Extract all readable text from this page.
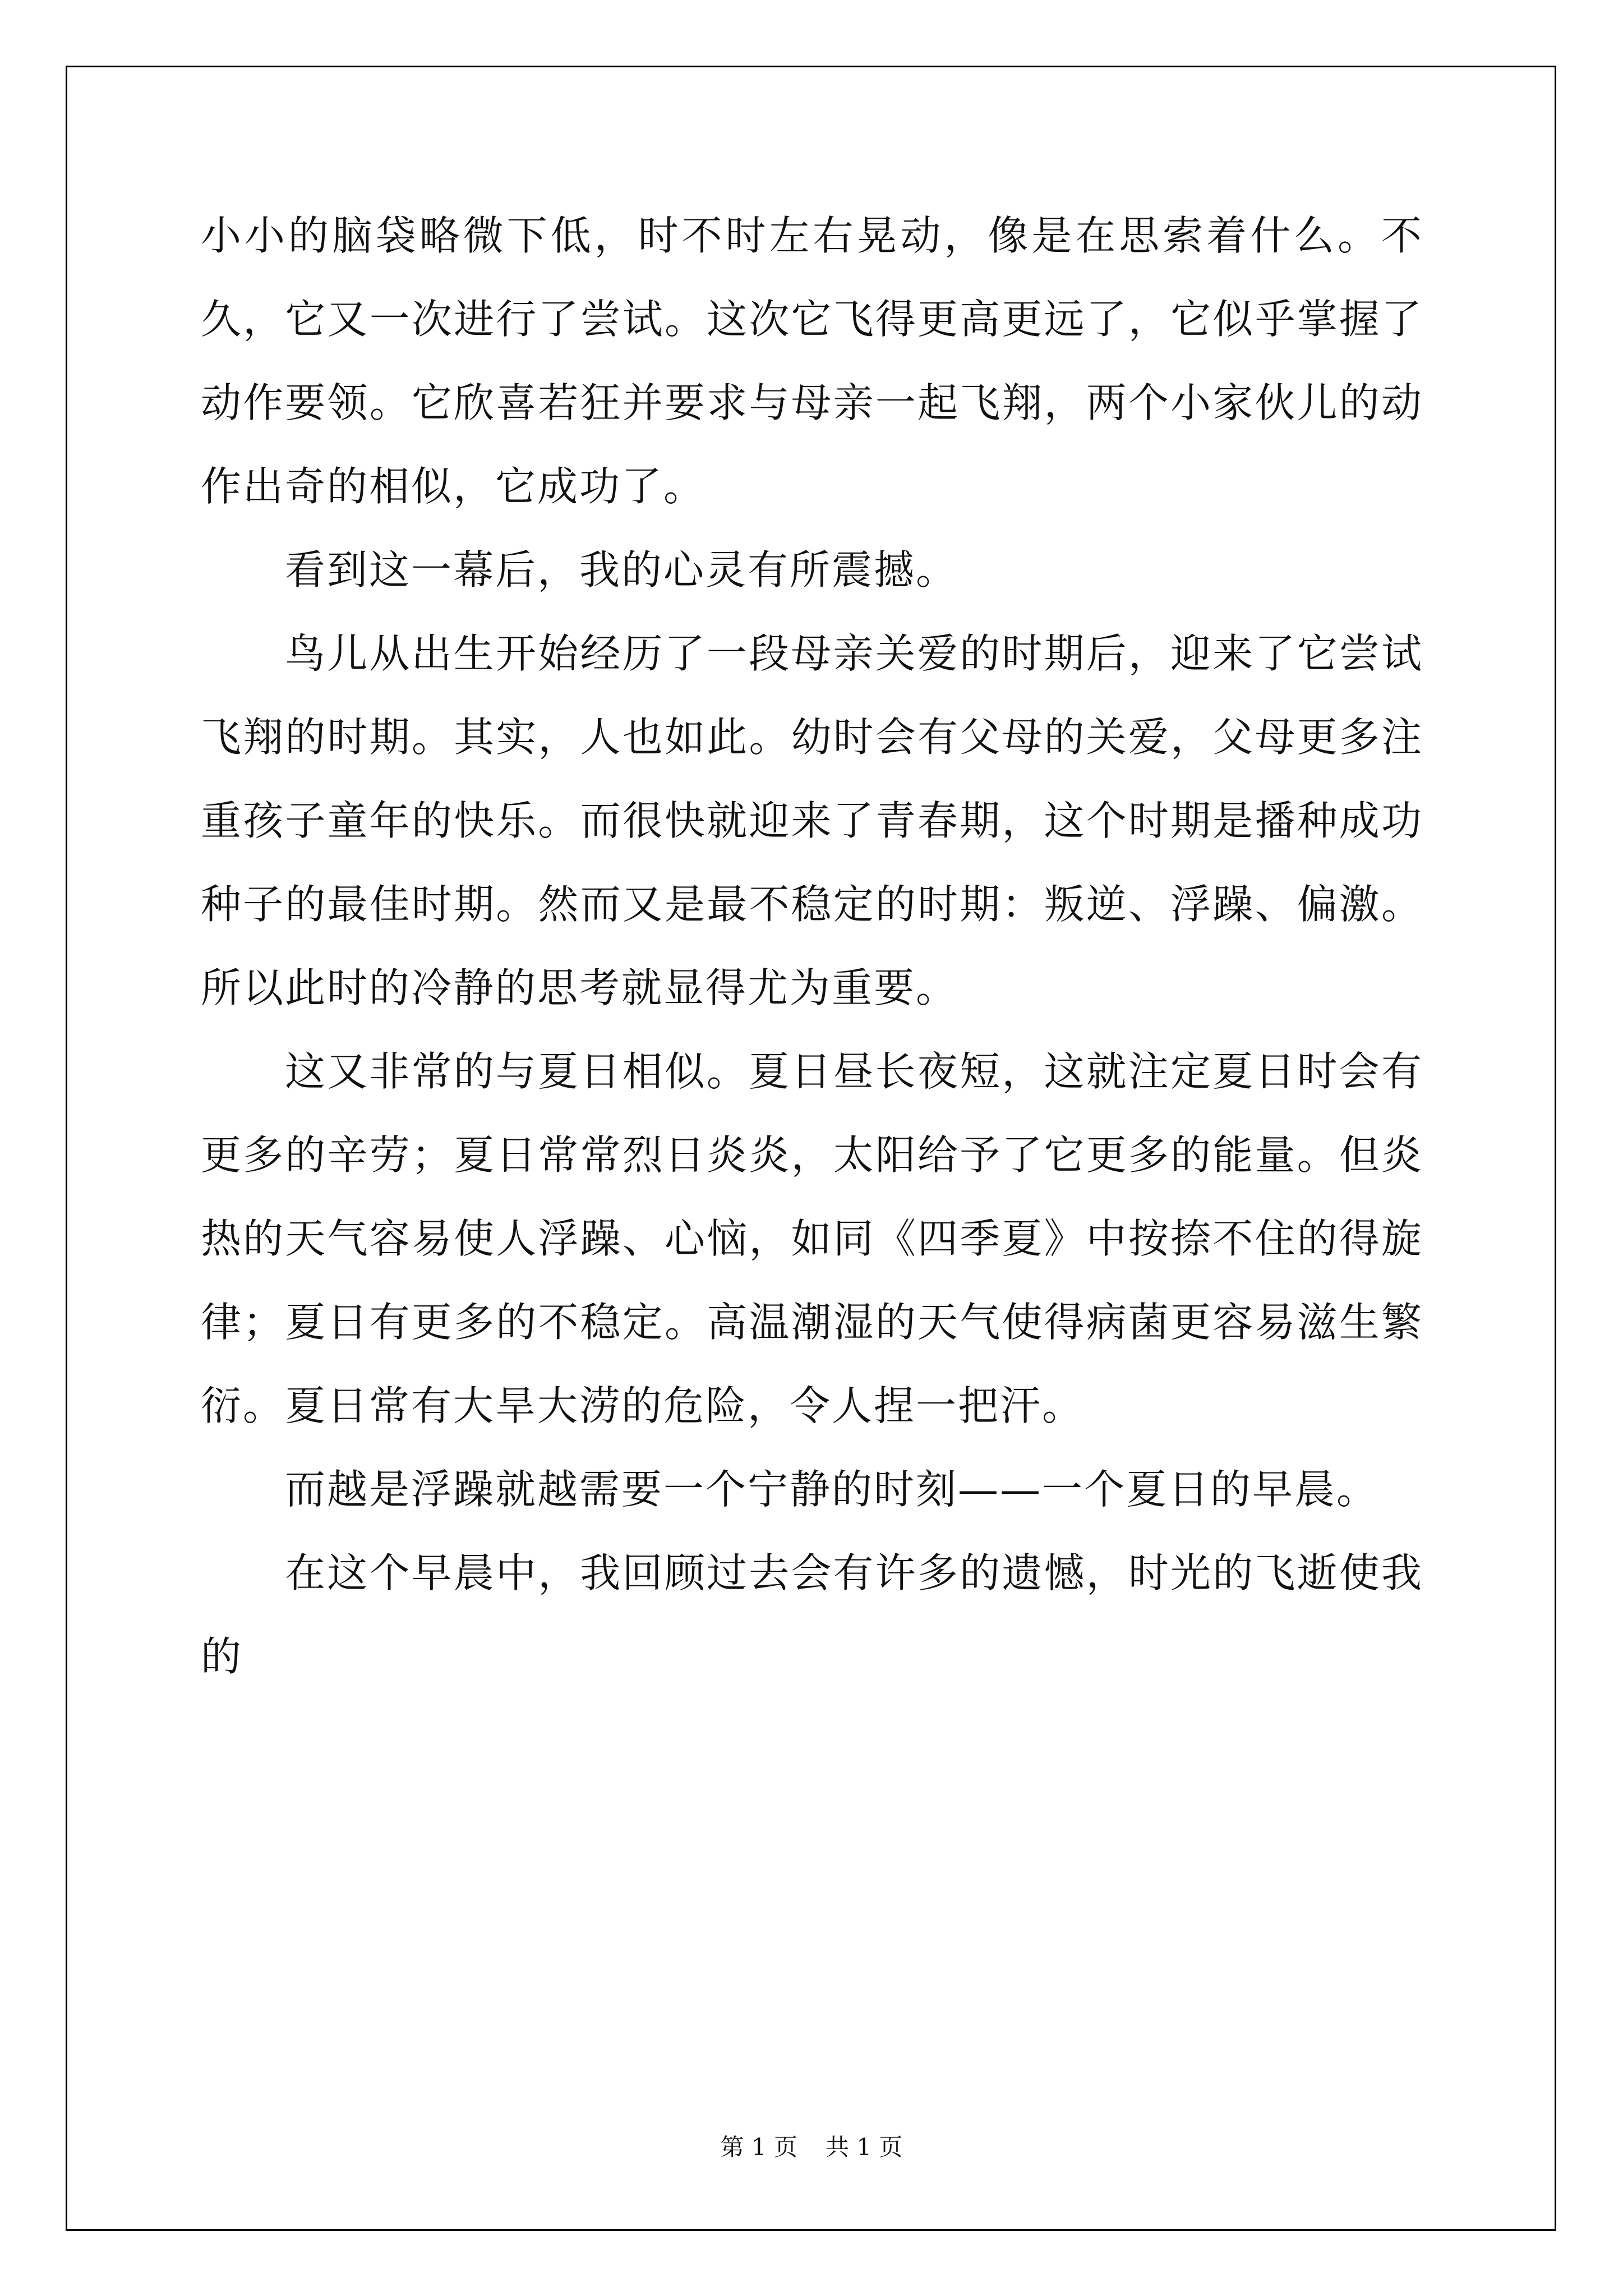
小小的脑袋略微下低，时不时左右晃动，像是在思索着什么。不久，它又一次进行了尝试。这次它飞得更高更远了，它似乎掌握了动作要领。它欣喜若狂并要求与母亲一起飞翔，两个小家伙儿的动作出奇的相似，它成功了。

看到这一幕后，我的心灵有所震撼。

鸟儿从出生开始经历了一段母亲关爱的时期后，迎来了它尝试飞翔的时期。其实，人也如此。幼时会有父母的关爱，父母更多注重孩子童年的快乐。而很快就迎来了青春期，这个时期是播种成功种子的最佳时期。然而又是最不稳定的时期：叛逆、浮躁、偏激。所以此时的冷静的思考就显得尤为重要。

这又非常的与夏日相似。夏日昼长夜短，这就注定夏日时会有更多的辛劳；夏日常常烈日炎炎，太阳给予了它更多的能量。但炎热的天气容易使人浮躁、心恼，如同《四季夏》中按捺不住的得旋律；夏日有更多的不稳定。高温潮湿的天气使得病菌更容易滋生繁衍。夏日常有大旱大涝的危险，令人捏一把汗。

而越是浮躁就越需要一个宁静的时刻——一个夏日的早晨。

在这个早晨中，我回顾过去会有许多的遗憾，时光的飞逝使我的

第 1 页 共 1 页
